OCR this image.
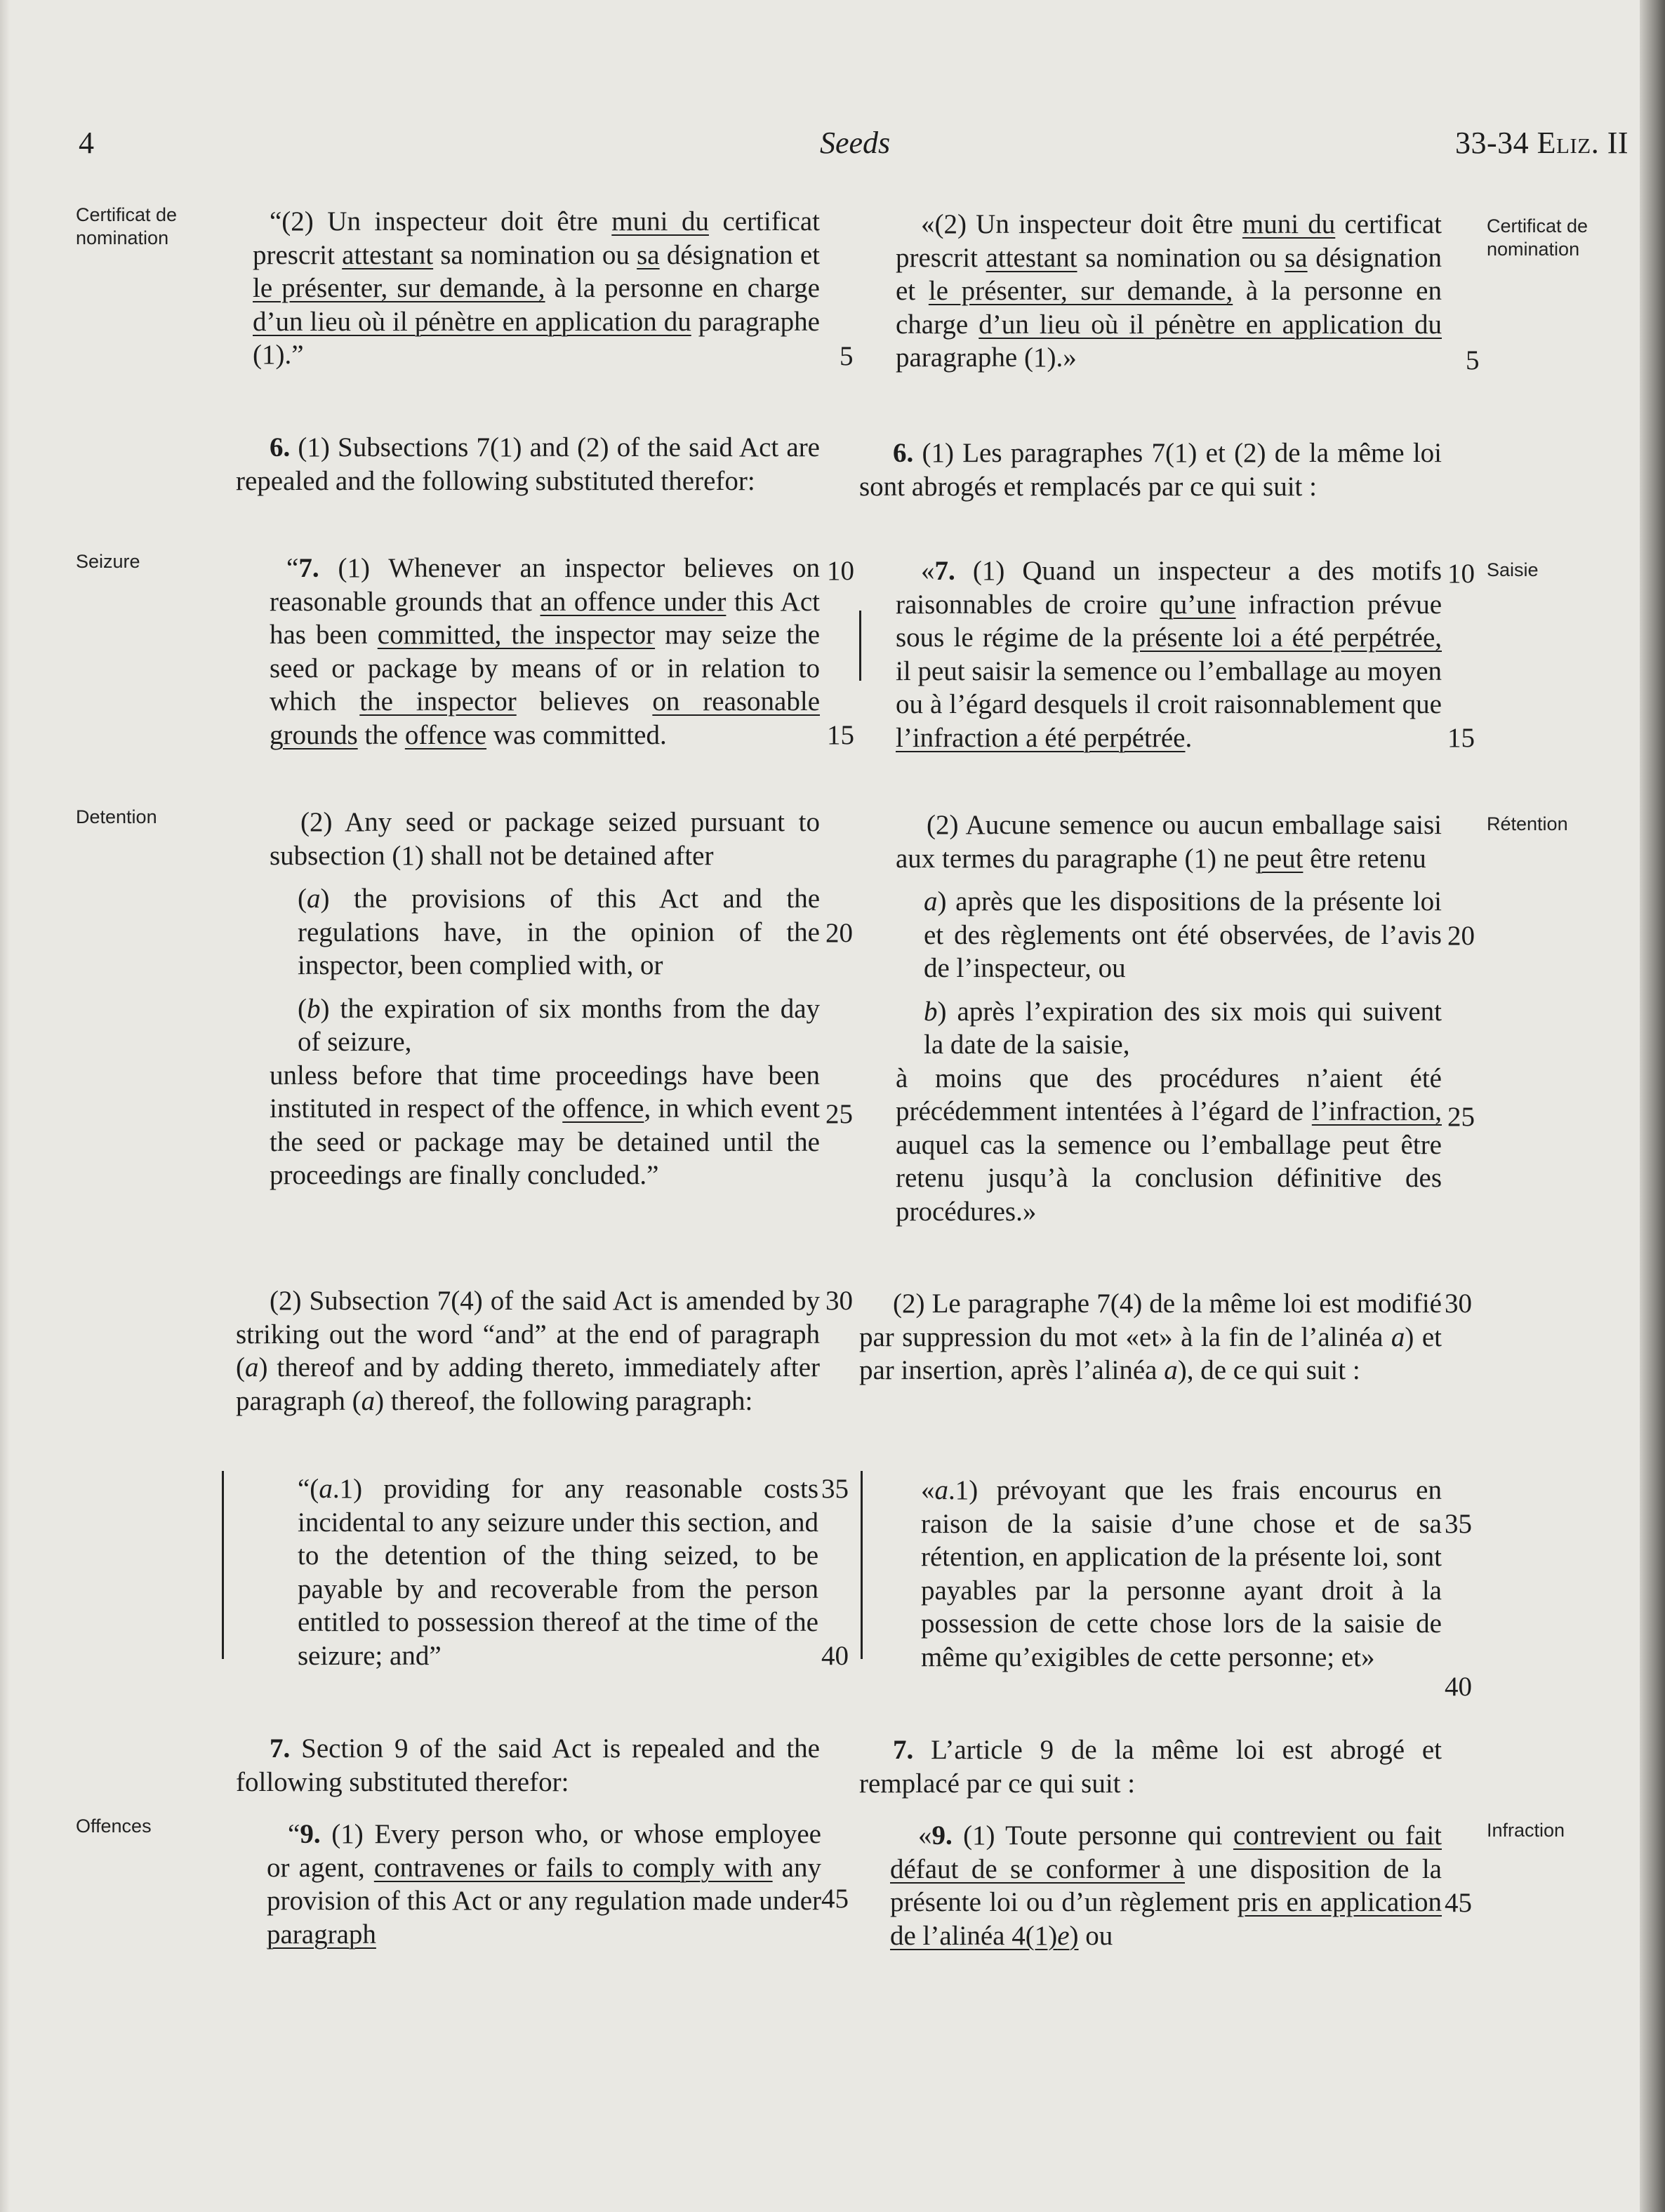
4	Seeds	33-34 Eliz. II
Certificat de nomination
Seizure
Detention
Offences
Certificat de nomination
Saisie
Rétention
Infraction
5
10
15
20
25
30
35
40
45
5
10
15
20
25
30
35
40
45

“(2) Un inspecteur doit être muni du certificat prescrit attestant sa nomination ou sa désignation et le présenter, sur demande, à la personne en charge d’un lieu où il pénètre en application du paragraphe (1).”

6. (1) Subsections 7(1) and (2) of the said Act are repealed and the following substituted therefor:

“7. (1) Whenever an inspector believes on reasonable grounds that an offence under this Act has been committed, the inspector may seize the seed or package by means of or in relation to which the inspector believes on reasonable grounds the offence was committed.

(2) Any seed or package seized pursuant to subsection (1) shall not be detained after

(a) the provisions of this Act and the regulations have, in the opinion of the inspector, been complied with, or

(b) the expiration of six months from the day of seizure,

unless before that time proceedings have been instituted in respect of the offence, in which event the seed or package may be detained until the proceedings are finally concluded.”

(2) Subsection 7(4) of the said Act is amended by striking out the word “and” at the end of paragraph (a) thereof and by adding thereto, immediately after paragraph (a) thereof, the following paragraph:

“(a.1) providing for any reasonable costs incidental to any seizure under this section, and to the detention of the thing seized, to be payable by and recoverable from the person entitled to possession thereof at the time of the seizure; and”

7. Section 9 of the said Act is repealed and the following substituted therefor:

“9. (1) Every person who, or whose employee or agent, contravenes or fails to comply with any provision of this Act or any regulation made under paragraph

«(2) Un inspecteur doit être muni du certificat prescrit attestant sa nomination ou sa désignation et le présenter, sur demande, à la personne en charge d’un lieu où il pénètre en application du paragraphe (1).»

6. (1) Les paragraphes 7(1) et (2) de la même loi sont abrogés et remplacés par ce qui suit :

«7. (1) Quand un inspecteur a des motifs raisonnables de croire qu’une infraction prévue sous le régime de la présente loi a été perpétrée, il peut saisir la semence ou l’emballage au moyen ou à l’égard desquels il croit raisonnablement que l’infraction a été perpétrée.

(2) Aucune semence ou aucun emballage saisi aux termes du paragraphe (1) ne peut être retenu

a) après que les dispositions de la présente loi et des règlements ont été observées, de l’avis de l’inspecteur, ou

b) après l’expiration des six mois qui suivent la date de la saisie,

à moins que des procédures n’aient été précédemment intentées à l’égard de l’infraction, auquel cas la semence ou l’emballage peut être retenu jusqu’à la conclusion définitive des procédures.»

(2) Le paragraphe 7(4) de la même loi est modifié par suppression du mot «et» à la fin de l’alinéa a) et par insertion, après l’alinéa a), de ce qui suit :

«a.1) prévoyant que les frais encourus en raison de la saisie d’une chose et de sa rétention, en application de la présente loi, sont payables par la personne ayant droit à la possession de cette chose lors de la saisie de même qu’exigibles de cette personne; et»

7. L’article 9 de la même loi est abrogé et remplacé par ce qui suit :

«9. (1) Toute personne qui contrevient ou fait défaut de se conformer à une disposition de la présente loi ou d’un règlement pris en application de l’alinéa 4(1)e) ou
